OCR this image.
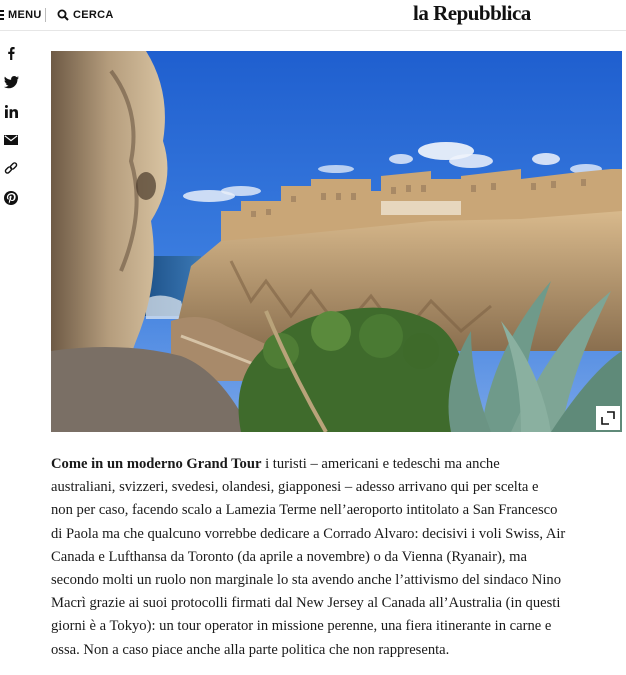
MENU	CERCA	la Repubblica

Come in un moderno Grand Tour i turisti – americani e tedeschi ma anche
australiani, svizzeri, svedesi, olandesi, giapponesi – adesso arrivano qui per scelta e
non per caso, facendo scalo a Lamezia Terme nell’aeroporto intitolato a San Francesco
di Paola ma che qualcuno vorrebbe dedicare a Corrado Alvaro: decisivi i voli Swiss, Air
Canada e Lufthansa da Toronto (da aprile a novembre) o da Vienna (Ryanair), ma
secondo molti un ruolo non marginale lo sta avendo anche l’attivismo del sindaco Nino
Macrì grazie ai suoi protocolli firmati dal New Jersey al Canada all’Australia (in questi
giorni è a Tokyo): un tour operator in missione perenne, una fiera itinerante in carne e
ossa. Non a caso piace anche alla parte politica che non rappresenta.
